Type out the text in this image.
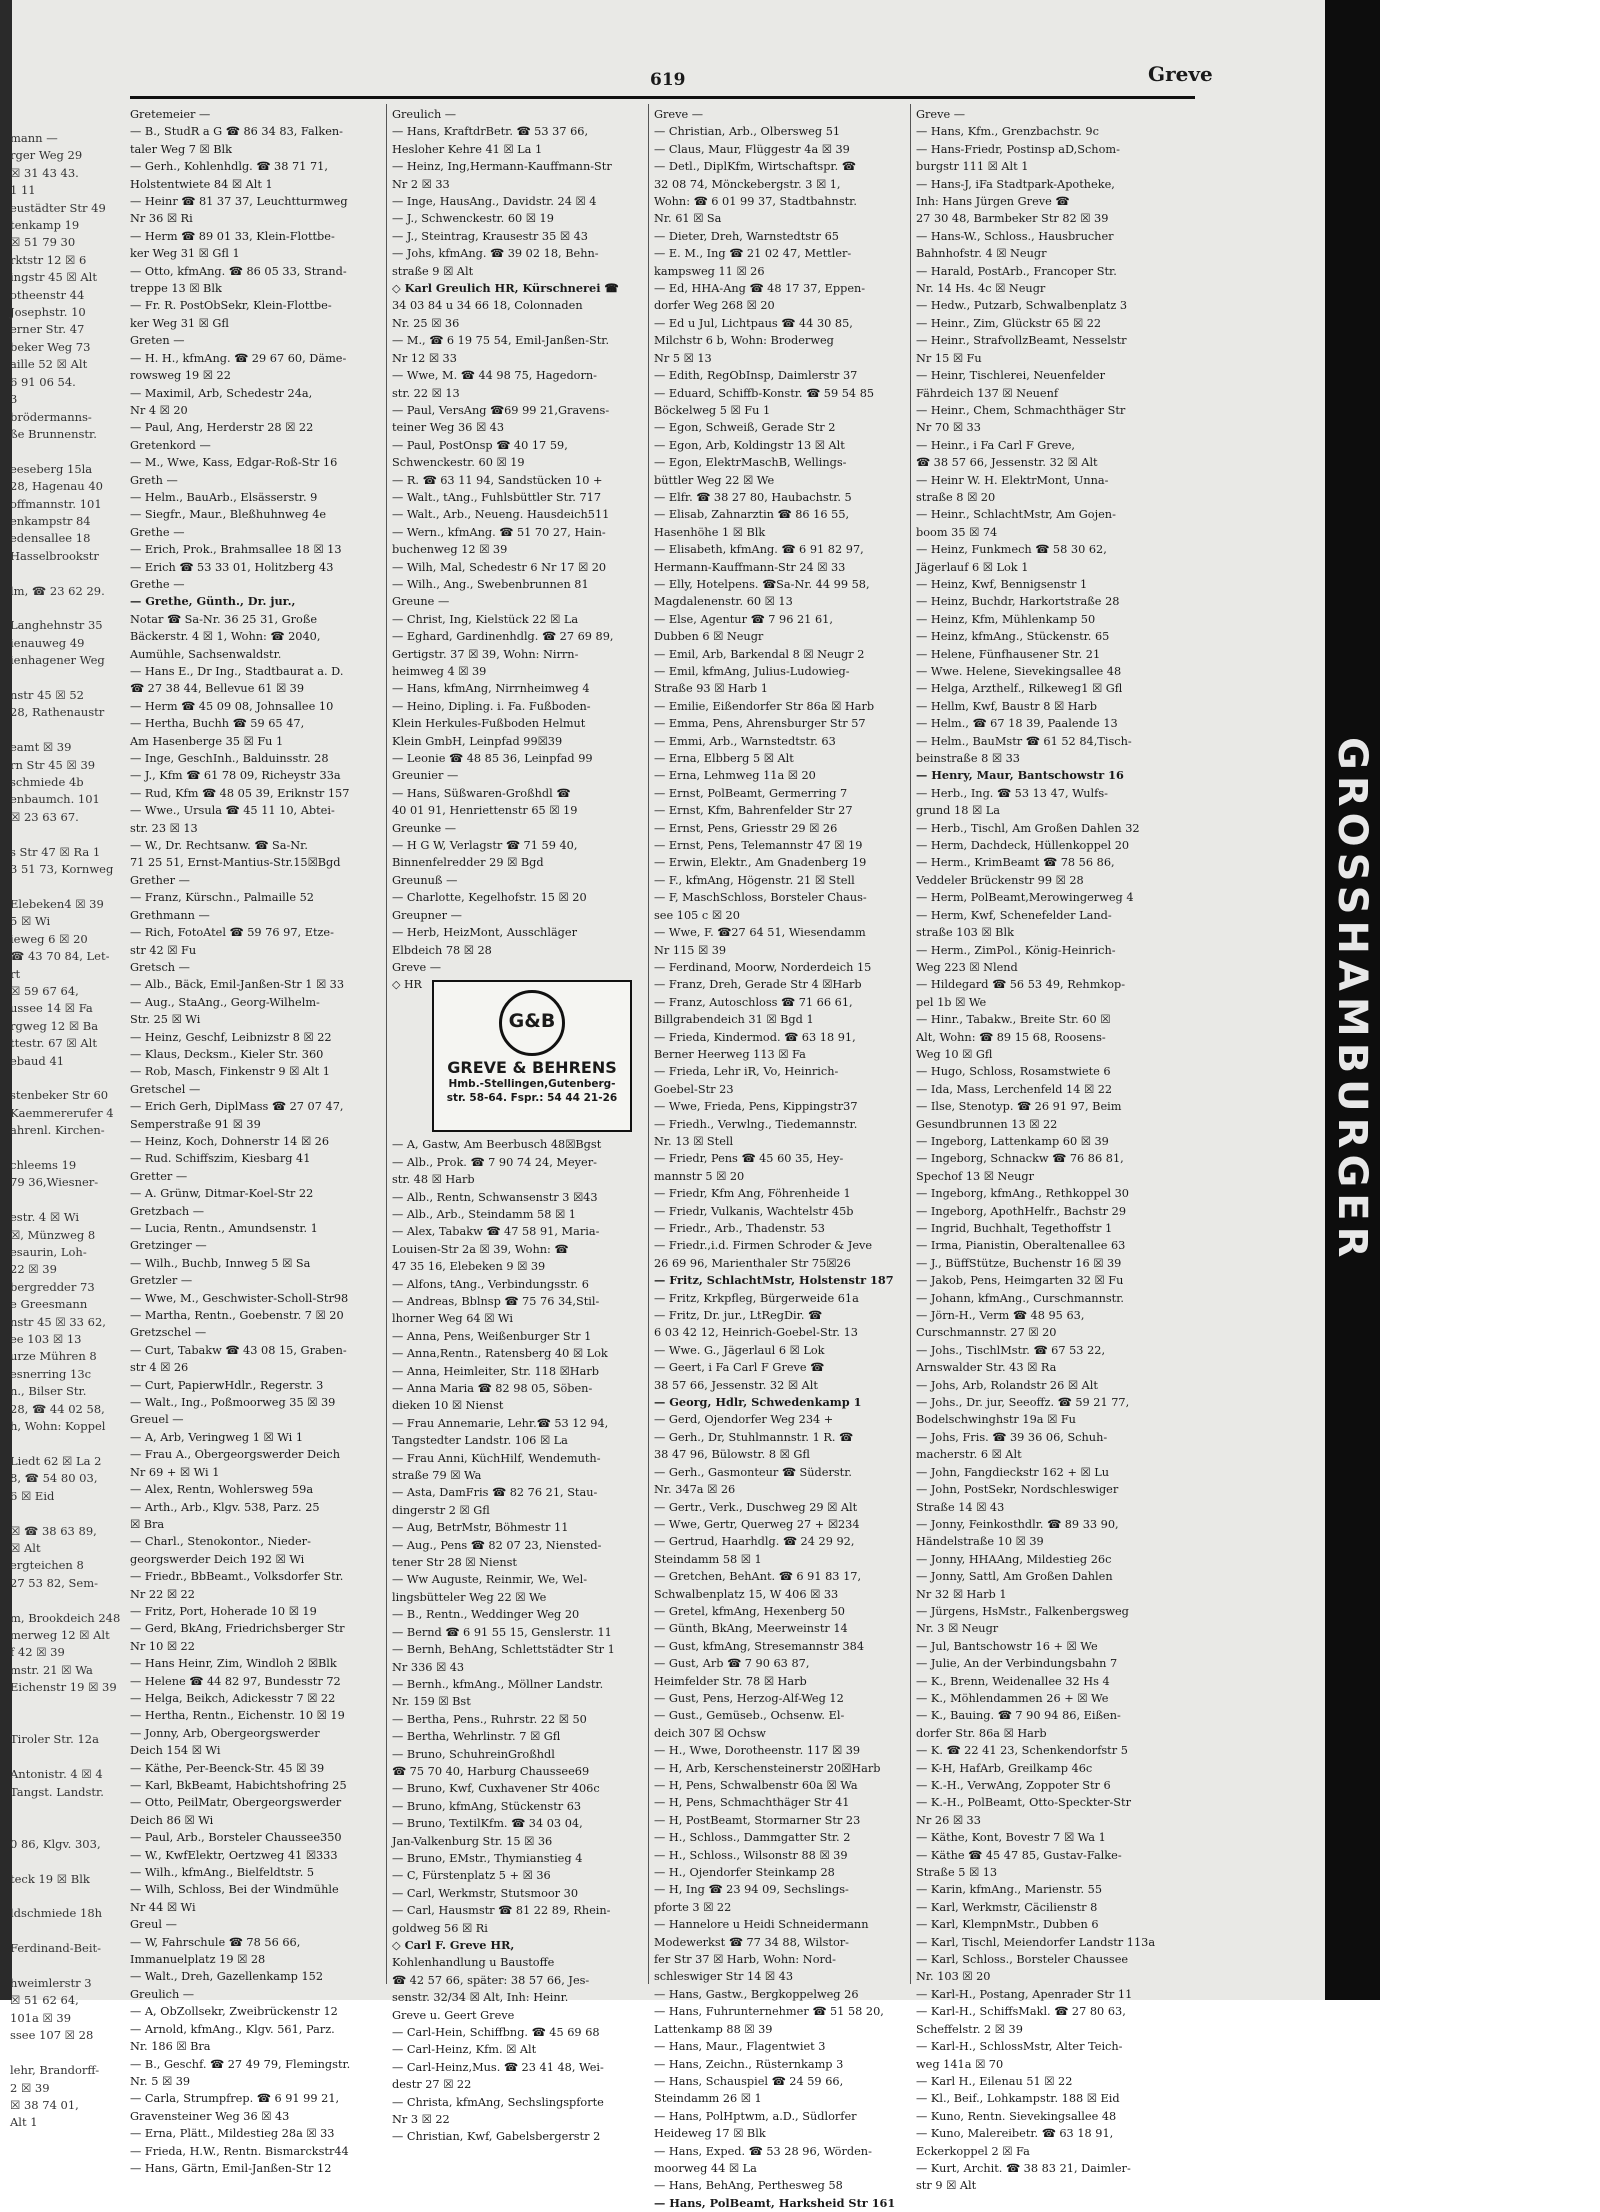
mann —
rger Weg 29
☒ 31 43 43.
1 11
eustädter Str 49
tenkamp 19
☒ 51 79 30
rktstr 12 ☒ 6
ingstr 45 ☒ Alt
otheenstr 44
Josephstr. 10
erner Str. 47
beker Weg 73
aille 52 ☒ Alt
6 91 06 54.
3
brödermanns-
ße Brunnenstr.

eeseberg 15la
28, Hagenau 40
offmannstr. 101
enkampstr 84
edensallee 18
Hasselbrookstr

lm, ☎ 23 62 29.

Langhehnstr 35
ienauweg 49
ienhagener Weg

nstr 45 ☒ 52
28, Rathenaustr

eamt ☒ 39
rn Str 45 ☒ 39
schmiede 4b
enbaumch. 101
☒ 23 63 67.

s Str 47 ☒ Ra 1
3 51 73, Kornweg

Elebeken4 ☒ 39
5 ☒ Wi
ieweg 6 ☒ 20
☎ 43 70 84, Let-
rt
☒ 59 67 64,
ussee 14 ☒ Fa
rgweg 12 ☒ Ba
ttestr. 67 ☒ Alt
ebaud 41

stenbeker Str 60
Kaemmererufer 4
ahrenl. Kirchen-

chleems 19
79 36,Wiesner-

estr. 4 ☒ Wi
☒, Münzweg 8
esaurin, Loh-
22 ☒ 39
bergredder 73
e Greesmann
nstr 45 ☒ 33 62,
ee 103 ☒ 13
urze Mühren 8
esnerring 13c
n., Bilser Str.
28, ☎ 44 02 58,
h, Wohn: Koppel

Liedt 62 ☒ La 2
8, ☎ 54 80 03,
6 ☒ Eid

☒ ☎ 38 63 89,
☒ Alt
ergteichen 8
27 53 82, Sem-

m, Brookdeich 248
merweg 12 ☒ Alt
f 42 ☒ 39
mstr. 21 ☒ Wa
Eichenstr 19 ☒ 39

Tiroler Str. 12a

Antonistr. 4 ☒ 4
Tangst. Landstr.

0 86, Klgv. 303,

teck 19 ☒ Blk

ldschmiede 18h

Ferdinand-Beit-

hweimlerstr 3
☒ 51 62 64,
101a ☒ 39
ssee 107 ☒ 28

lehr, Brandorff-
2 ☒ 39
☒ 38 74 01,
Alt 1
619	Greve
Gretemeier —
— B., StudR a G ☎ 86 34 83, Falken-
taler Weg 7 ☒ Blk
— Gerh., Kohlenhdlg. ☎ 38 71 71,
Holstentwiete 84 ☒ Alt 1
— Heinr ☎ 81 37 37, Leuchtturmweg
Nr 36 ☒ Ri
— Herm ☎ 89 01 33, Klein-Flottbe-
ker Weg 31 ☒ Gfl 1
— Otto, kfmAng. ☎ 86 05 33, Strand-
treppe 13 ☒ Blk
— Fr. R. PostObSekr, Klein-Flottbe-
ker Weg 31 ☒ Gfl
Greten —
— H. H., kfmAng. ☎ 29 67 60, Däme-
rowsweg 19 ☒ 22
— Maximil, Arb, Schedestr 24a,
Nr 4 ☒ 20
— Paul, Ang, Herderstr 28 ☒ 22
Gretenkord —
— M., Wwe, Kass, Edgar-Roß-Str 16
Greth —
— Helm., BauArb., Elsässerstr. 9
— Siegfr., Maur., Bleßhuhnweg 4e
Grethe —
— Erich, Prok., Brahmsallee 18 ☒ 13
— Erich ☎ 53 33 01, Holitzberg 43
Grethe —
— Grethe, Günth., Dr. jur.,
Notar ☎ Sa-Nr. 36 25 31, Große
Bäckerstr. 4 ☒ 1, Wohn: ☎ 2040,
Aumühle, Sachsenwaldstr.
— Hans E., Dr Ing., Stadtbaurat a. D.
☎ 27 38 44, Bellevue 61 ☒ 39
— Herm ☎ 45 09 08, Johnsallee 10
— Hertha, Buchh ☎ 59 65 47,
Am Hasenberge 35 ☒ Fu 1
— Inge, GeschInh., Balduinsstr. 28
— J., Kfm ☎ 61 78 09, Richeystr 33a
— Rud, Kfm ☎ 48 05 39, Eriknstr 157
— Wwe., Ursula ☎ 45 11 10, Abtei-
str. 23 ☒ 13
— W., Dr. Rechtsanw. ☎ Sa-Nr.
71 25 51, Ernst-Mantius-Str.15☒Bgd
Grether —
— Franz, Kürschn., Palmaille 52
Grethmann —
— Rich, FotoAtel ☎ 59 76 97, Etze-
str 42 ☒ Fu
Gretsch —
— Alb., Bäck, Emil-Janßen-Str 1 ☒ 33
— Aug., StaAng., Georg-Wilhelm-
Str. 25 ☒ Wi
— Heinz, Geschf, Leibnizstr 8 ☒ 22
— Klaus, Decksm., Kieler Str. 360
— Rob, Masch, Finkenstr 9 ☒ Alt 1
Gretschel —
— Erich Gerh, DiplMass ☎ 27 07 47,
Semperstraße 91 ☒ 39
— Heinz, Koch, Dohnerstr 14 ☒ 26
— Rud. Schiffszim, Kiesbarg 41
Gretter —
— A. Grünw, Ditmar-Koel-Str 22
Gretzbach —
— Lucia, Rentn., Amundsenstr. 1
Gretzinger —
— Wilh., Buchb, Innweg 5 ☒ Sa
Gretzler —
— Wwe, M., Geschwister-Scholl-Str98
— Martha, Rentn., Goebenstr. 7 ☒ 20
Gretzschel —
— Curt, Tabakw ☎ 43 08 15, Graben-
str 4 ☒ 26
— Curt, PapierwHdlr., Regerstr. 3
— Walt., Ing., Poßmoorweg 35 ☒ 39
Greuel —
— A, Arb, Veringweg 1 ☒ Wi 1
— Frau A., Obergeorgswerder Deich
Nr 69 + ☒ Wi 1
— Alex, Rentn, Wohlersweg 59a
— Arth., Arb., Klgv. 538, Parz. 25
☒ Bra
— Charl., Stenokontor., Nieder-
georgswerder Deich 192 ☒ Wi
— Friedr., BbBeamt., Volksdorfer Str.
Nr 22 ☒ 22
— Fritz, Port, Hoherade 10 ☒ 19
— Gerd, BkAng, Friedrichsberger Str
Nr 10 ☒ 22
— Hans Heinr, Zim, Windloh 2 ☒Blk
— Helene ☎ 44 82 97, Bundesstr 72
— Helga, Beikch, Adickesstr 7 ☒ 22
— Hertha, Rentn., Eichenstr. 10 ☒ 19
— Jonny, Arb, Obergeorgswerder
Deich 154 ☒ Wi
— Käthe, Per-Beenck-Str. 45 ☒ 39
— Karl, BkBeamt, Habichtshofring 25
— Otto, PeilMatr, Obergeorgswerder
Deich 86 ☒ Wi
— Paul, Arb., Borsteler Chaussee350
— W., KwfElektr, Oertzweg 41 ☒333
— Wilh., kfmAng., Bielfeldtstr. 5
— Wilh, Schloss, Bei der Windmühle
Nr 44 ☒ Wi
Greul —
— W, Fahrschule ☎ 78 56 66,
Immanuelplatz 19 ☒ 28
— Walt., Dreh, Gazellenkamp 152
Greulich —
— A, ObZollsekr, Zweibrückenstr 12
— Arnold, kfmAng., Klgv. 561, Parz.
Nr. 186 ☒ Bra
— B., Geschf. ☎ 27 49 79, Flemingstr.
Nr. 5 ☒ 39
— Carla, Strumpfrep. ☎ 6 91 99 21,
Gravensteiner Weg 36 ☒ 43
— Erna, Plätt., Mildestieg 28a ☒ 33
— Frieda, H.W., Rentn. Bismarckstr44
— Hans, Gärtn, Emil-Janßen-Str 12
Greulich —
— Hans, KraftdrBetr. ☎ 53 37 66,
Hesloher Kehre 41 ☒ La 1
— Heinz, Ing,Hermann-Kauffmann-Str
Nr 2 ☒ 33
— Inge, HausAng., Davidstr. 24 ☒ 4
— J., Schwenckestr. 60 ☒ 19
— J., Steintrag, Krausestr 35 ☒ 43
— Johs, kfmAng. ☎ 39 02 18, Behn-
straße 9 ☒ Alt
◇ Karl Greulich HR, Kürschnerei ☎
34 03 84 u 34 66 18, Colonnaden
Nr. 25 ☒ 36
— M., ☎ 6 19 75 54, Emil-Janßen-Str.
Nr 12 ☒ 33
— Wwe, M. ☎ 44 98 75, Hagedorn-
str. 22 ☒ 13
— Paul, VersAng ☎69 99 21,Gravens-
teiner Weg 36 ☒ 43
— Paul, PostOnsp ☎ 40 17 59,
Schwenckestr. 60 ☒ 19
— R. ☎ 63 11 94, Sandstücken 10 +
— Walt., tAng., Fuhlsbüttler Str. 717
— Walt., Arb., Neueng. Hausdeich511
— Wern., kfmAng. ☎ 51 70 27, Hain-
buchenweg 12 ☒ 39
— Wilh, Mal, Schedestr 6 Nr 17 ☒ 20
— Wilh., Ang., Swebenbrunnen 81
Greune —
— Christ, Ing, Kielstück 22 ☒ La
— Eghard, Gardinenhdlg. ☎ 27 69 89,
Gertigstr. 37 ☒ 39, Wohn: Nirrn-
heimweg 4 ☒ 39
— Hans, kfmAng, Nirrnheimweg 4
— Heino, Dipling. i. Fa. Fußboden-
Klein Herkules-Fußboden Helmut
Klein GmbH, Leinpfad 99☒39
— Leonie ☎ 48 85 36, Leinpfad 99
Greunier —
— Hans, Süßwaren-Großhdl ☎
40 01 91, Henriettenstr 65 ☒ 19
Greunke —
— H G W, Verlagstr ☎ 71 59 40,
Binnenfelredder 29 ☒ Bgd
Greunuß —
— Charlotte, Kegelhofstr. 15 ☒ 20
Greupner —
— Herb, HeizMont, Ausschläger
Elbdeich 78 ☒ 28
Greve —
◇ HR
G&B
GREVE & BEHRENS
Hmb.-Stellingen,Gutenberg-
str. 58-64. Fspr.: 54 44 21-26
— A, Gastw, Am Beerbusch 48☒Bgst
— Alb., Prok. ☎ 7 90 74 24, Meyer-
str. 48 ☒ Harb
— Alb., Rentn, Schwansenstr 3 ☒43
— Alb., Arb., Steindamm 58 ☒ 1
— Alex, Tabakw ☎ 47 58 91, Maria-
Louisen-Str 2a ☒ 39, Wohn: ☎
47 35 16, Elebeken 9 ☒ 39
— Alfons, tAng., Verbindungsstr. 6
— Andreas, Bblnsp ☎ 75 76 34,Stil-
lhorner Weg 64 ☒ Wi
— Anna, Pens, Weißenburger Str 1
— Anna,Rentn., Ratensberg 40 ☒ Lok
— Anna, Heimleiter, Str. 118 ☒Harb
— Anna Maria ☎ 82 98 05, Söben-
dieken 10 ☒ Nienst
— Frau Annemarie, Lehr.☎ 53 12 94,
Tangstedter Landstr. 106 ☒ La
— Frau Anni, KüchHilf, Wendemuth-
straße 79 ☒ Wa
— Asta, DamFris ☎ 82 76 21, Stau-
dingerstr 2 ☒ Gfl
— Aug, BetrMstr, Böhmestr 11
— Aug., Pens ☎ 82 07 23, Niensted-
tener Str 28 ☒ Nienst
— Ww Auguste, Reinmir, We, Wel-
lingsbütteler Weg 22 ☒ We
— B., Rentn., Weddinger Weg 20
— Bernd ☎ 6 91 55 15, Genslerstr. 11
— Bernh, BehAng, Schlettstädter Str 1
Nr 336 ☒ 43
— Bernh., kfmAng., Möllner Landstr.
Nr. 159 ☒ Bst
— Bertha, Pens., Ruhrstr. 22 ☒ 50
— Bertha, Wehrlinstr. 7 ☒ Gfl
— Bruno, SchuhreinGroßhdl
☎ 75 70 40, Harburg Chaussee69
— Bruno, Kwf, Cuxhavener Str 406c
— Bruno, kfmAng, Stückenstr 63
— Bruno, TextilKfm. ☎ 34 03 04,
Jan-Valkenburg Str. 15 ☒ 36
— Bruno, EMstr., Thymianstieg 4
— C, Fürstenplatz 5 + ☒ 36
— Carl, Werkmstr, Stutsmoor 30
— Carl, Hausmstr ☎ 81 22 89, Rhein-
goldweg 56 ☒ Ri
◇ Carl F. Greve HR,
Kohlenhandlung u Baustoffe
☎ 42 57 66, später: 38 57 66, Jes-
senstr. 32/34 ☒ Alt, Inh: Heinr.
Greve u. Geert Greve
— Carl-Hein, Schiffbng. ☎ 45 69 68
— Carl-Heinz, Kfm. ☒ Alt
— Carl-Heinz,Mus. ☎ 23 41 48, Wei-
destr 27 ☒ 22
— Christa, kfmAng, Sechslingspforte
Nr 3 ☒ 22
— Christian, Kwf, Gabelsbergerstr 2
Greve —
— Christian, Arb., Olbersweg 51
— Claus, Maur, Flüggestr 4a ☒ 39
— Detl., DiplKfm, Wirtschaftspr. ☎
32 08 74, Mönckebergstr. 3 ☒ 1,
Wohn: ☎ 6 01 99 37, Stadtbahnstr.
Nr. 61 ☒ Sa
— Dieter, Dreh, Warnstedtstr 65
— E. M., Ing ☎ 21 02 47, Mettler-
kampsweg 11 ☒ 26
— Ed, HHA-Ang ☎ 48 17 37, Eppen-
dorfer Weg 268 ☒ 20
— Ed u Jul, Lichtpaus ☎ 44 30 85,
Milchstr 6 b, Wohn: Broderweg
Nr 5 ☒ 13
— Edith, RegObInsp, Daimlerstr 37
— Eduard, Schiffb-Konstr. ☎ 59 54 85
Böckelweg 5 ☒ Fu 1
— Egon, Schweiß, Gerade Str 2
— Egon, Arb, Koldingstr 13 ☒ Alt
— Egon, ElektrMaschB, Wellings-
büttler Weg 22 ☒ We
— Elfr. ☎ 38 27 80, Haubachstr. 5
— Elisab, Zahnarztin ☎ 86 16 55,
Hasenhöhe 1 ☒ Blk
— Elisabeth, kfmAng. ☎ 6 91 82 97,
Hermann-Kauffmann-Str 24 ☒ 33
— Elly, Hotelpens. ☎Sa-Nr. 44 99 58,
Magdalenenstr. 60 ☒ 13
— Else, Agentur ☎ 7 96 21 61,
Dubben 6 ☒ Neugr
— Emil, Arb, Barkendal 8 ☒ Neugr 2
— Emil, kfmAng, Julius-Ludowieg-
Straße 93 ☒ Harb 1
— Emilie, Eißendorfer Str 86a ☒ Harb
— Emma, Pens, Ahrensburger Str 57
— Emmi, Arb., Warnstedtstr. 63
— Erna, Elbberg 5 ☒ Alt
— Erna, Lehmweg 11a ☒ 20
— Ernst, PolBeamt, Germerring 7
— Ernst, Kfm, Bahrenfelder Str 27
— Ernst, Pens, Griesstr 29 ☒ 26
— Ernst, Pens, Telemannstr 47 ☒ 19
— Erwin, Elektr., Am Gnadenberg 19
— F., kfmAng, Högenstr. 21 ☒ Stell
— F, MaschSchloss, Borsteler Chaus-
see 105 c ☒ 20
— Wwe, F. ☎27 64 51, Wiesendamm
Nr 115 ☒ 39
— Ferdinand, Moorw, Norderdeich 15
— Franz, Dreh, Gerade Str 4 ☒Harb
— Franz, Autoschloss ☎ 71 66 61,
Billgrabendeich 31 ☒ Bgd 1
— Frieda, Kindermod. ☎ 63 18 91,
Berner Heerweg 113 ☒ Fa
— Frieda, Lehr iR, Vo, Heinrich-
Goebel-Str 23
— Wwe, Frieda, Pens, Kippingstr37
— Friedh., Verwlng., Tiedemannstr.
Nr. 13 ☒ Stell
— Friedr, Pens ☎ 45 60 35, Hey-
mannstr 5 ☒ 20
— Friedr, Kfm Ang, Föhrenheide 1
— Friedr, Vulkanis, Wachtelstr 45b
— Friedr., Arb., Thadenstr. 53
— Friedr.,i.d. Firmen Schroder & Jeve
26 69 96, Marienthaler Str 75☒26
— Fritz, SchlachtMstr, Holstenstr 187
— Fritz, Krkpfleg, Bürgerweide 61a
— Fritz, Dr. jur., LtRegDir. ☎
6 03 42 12, Heinrich-Goebel-Str. 13
— Wwe. G., Jägerlaul 6 ☒ Lok
— Geert, i Fa Carl F Greve ☎
38 57 66, Jessenstr. 32 ☒ Alt
— Georg, Hdlr, Schwedenkamp 1
— Gerd, Ojendorfer Weg 234 +
— Gerh., Dr, Stuhlmannstr. 1 R. ☎
38 47 96, Bülowstr. 8 ☒ Gfl
— Gerh., Gasmonteur ☎ Süderstr.
Nr. 347a ☒ 26
— Gertr., Verk., Duschweg 29 ☒ Alt
— Wwe, Gertr, Querweg 27 + ☒234
— Gertrud, Haarhdlg. ☎ 24 29 92,
Steindamm 58 ☒ 1
— Gretchen, BehAnt. ☎ 6 91 83 17,
Schwalbenplatz 15, W 406 ☒ 33
— Gretel, kfmAng, Hexenberg 50
— Günth, BkAng, Meerweinstr 14
— Gust, kfmAng, Stresemannstr 384
— Gust, Arb ☎ 7 90 63 87,
Heimfelder Str. 78 ☒ Harb
— Gust, Pens, Herzog-Alf-Weg 12
— Gust., Gemüseb., Ochsenw. El-
deich 307 ☒ Ochsw
— H., Wwe, Dorotheenstr. 117 ☒ 39
— H, Arb, Kerschensteinerstr 20☒Harb
— H, Pens, Schwalbenstr 60a ☒ Wa
— H, Pens, Schmachthäger Str 41
— H, PostBeamt, Stormarner Str 23
— H., Schloss., Dammgatter Str. 2
— H., Schloss., Wilsonstr 88 ☒ 39
— H., Ojendorfer Steinkamp 28
— H, Ing ☎ 23 94 09, Sechslings-
pforte 3 ☒ 22
— Hannelore u Heidi Schneidermann
Modewerkst ☎ 77 34 88, Wilstor-
fer Str 37 ☒ Harb, Wohn: Nord-
schleswiger Str 14 ☒ 43
— Hans, Gastw., Bergkoppelweg 26
— Hans, Fuhrunternehmer ☎ 51 58 20,
Lattenkamp 88 ☒ 39
— Hans, Maur., Flagentwiet 3
— Hans, Zeichn., Rüsternkamp 3
— Hans, Schauspiel ☎ 24 59 66,
Steindamm 26 ☒ 1
— Hans, PolHptwm, a.D., Südlorfer
Heideweg 17 ☒ Blk
— Hans, Exped. ☎ 53 28 96, Wörden-
moorweg 44 ☒ La
— Hans, BehAng, Perthesweg 58
— Hans, PolBeamt, Harksheid Str 161
Greve —
— Hans, Kfm., Grenzbachstr. 9c
— Hans-Friedr, Postinsp aD,Schom-
burgstr 111 ☒ Alt 1
— Hans-J, iFa Stadtpark-Apotheke,
Inh: Hans Jürgen Greve ☎
27 30 48, Barmbeker Str 82 ☒ 39
— Hans-W., Schloss., Hausbrucher
Bahnhofstr. 4 ☒ Neugr
— Harald, PostArb., Francoper Str.
Nr. 14 Hs. 4c ☒ Neugr
— Hedw., Putzarb, Schwalbenplatz 3
— Heinr., Zim, Glückstr 65 ☒ 22
— Heinr., StrafvollzBeamt, Nesselstr
Nr 15 ☒ Fu
— Heinr, Tischlerei, Neuenfelder
Fährdeich 137 ☒ Neuenf
— Heinr., Chem, Schmachthäger Str
Nr 70 ☒ 33
— Heinr., i Fa Carl F Greve,
☎ 38 57 66, Jessenstr. 32 ☒ Alt
— Heinr W. H. ElektrMont, Unna-
straße 8 ☒ 20
— Heinr., SchlachtMstr, Am Gojen-
boom 35 ☒ 74
— Heinz, Funkmech ☎ 58 30 62,
Jägerlauf 6 ☒ Lok 1
— Heinz, Kwf, Bennigsenstr 1
— Heinz, Buchdr, Harkortstraße 28
— Heinz, Kfm, Mühlenkamp 50
— Heinz, kfmAng., Stückenstr. 65
— Helene, Fünfhausener Str. 21
— Wwe. Helene, Sievekingsallee 48
— Helga, Arzthelf., Rilkeweg1 ☒ Gfl
— Hellm, Kwf, Baustr 8 ☒ Harb
— Helm., ☎ 67 18 39, Paalende 13
— Helm., BauMstr ☎ 61 52 84,Tisch-
beinstraße 8 ☒ 33
— Henry, Maur, Bantschowstr 16
— Herb., Ing. ☎ 53 13 47, Wulfs-
grund 18 ☒ La
— Herb., Tischl, Am Großen Dahlen 32
— Herm, Dachdeck, Hüllenkoppel 20
— Herm., KrimBeamt ☎ 78 56 86,
Veddeler Brückenstr 99 ☒ 28
— Herm, PolBeamt,Merowingerweg 4
— Herm, Kwf, Schenefelder Land-
straße 103 ☒ Blk
— Herm., ZimPol., König-Heinrich-
Weg 223 ☒ Nlend
— Hildegard ☎ 56 53 49, Rehmkop-
pel 1b ☒ We
— Hinr., Tabakw., Breite Str. 60 ☒
Alt, Wohn: ☎ 89 15 68, Roosens-
Weg 10 ☒ Gfl
— Hugo, Schloss, Rosamstwiete 6
— Ida, Mass, Lerchenfeld 14 ☒ 22
— Ilse, Stenotyp. ☎ 26 91 97, Beim
Gesundbrunnen 13 ☒ 22
— Ingeborg, Lattenkamp 60 ☒ 39
— Ingeborg, Schnackw ☎ 76 86 81,
Spechof 13 ☒ Neugr
— Ingeborg, kfmAng., Rethkoppel 30
— Ingeborg, ApothHelfr., Bachstr 29
— Ingrid, Buchhalt, Tegethoffstr 1
— Irma, Pianistin, Oberaltenallee 63
— J., BüffStütze, Buchenstr 16 ☒ 39
— Jakob, Pens, Heimgarten 32 ☒ Fu
— Johann, kfmAng., Curschmannstr.
— Jörn-H., Verm ☎ 48 95 63,
Curschmannstr. 27 ☒ 20
— Johs., TischlMstr. ☎ 67 53 22,
Arnswalder Str. 43 ☒ Ra
— Johs, Arb, Rolandstr 26 ☒ Alt
— Johs., Dr. jur, Seeoffz. ☎ 59 21 77,
Bodelschwinghstr 19a ☒ Fu
— Johs, Fris. ☎ 39 36 06, Schuh-
macherstr. 6 ☒ Alt
— John, Fangdieckstr 162 + ☒ Lu
— John, PostSekr, Nordschleswiger
Straße 14 ☒ 43
— Jonny, Feinkosthdlr. ☎ 89 33 90,
Händelstraße 10 ☒ 39
— Jonny, HHAAng, Mildestieg 26c
— Jonny, Sattl, Am Großen Dahlen
Nr 32 ☒ Harb 1
— Jürgens, HsMstr., Falkenbergsweg
Nr. 3 ☒ Neugr
— Jul, Bantschowstr 16 + ☒ We
— Julie, An der Verbindungsbahn 7
— K., Brenn, Weidenallee 32 Hs 4
— K., Möhlendammen 26 + ☒ We
— K., Bauing. ☎ 7 90 94 86, Eißen-
dorfer Str. 86a ☒ Harb
— K. ☎ 22 41 23, Schenkendorfstr 5
— K-H, HafArb, Greilkamp 46c
— K.-H., VerwAng, Zoppoter Str 6
— K.-H., PolBeamt, Otto-Speckter-Str
Nr 26 ☒ 33
— Käthe, Kont, Bovestr 7 ☒ Wa 1
— Käthe ☎ 45 47 85, Gustav-Falke-
Straße 5 ☒ 13
— Karin, kfmAng., Marienstr. 55
— Karl, Werkmstr, Cäcilienstr 8
— Karl, KlempnMstr., Dubben 6
— Karl, Tischl, Meiendorfer Landstr 113a
— Karl, Schloss., Borsteler Chaussee
Nr. 103 ☒ 20
— Karl-H., Postang, Apenrader Str 11
— Karl-H., SchiffsMakl. ☎ 27 80 63,
Scheffelstr. 2 ☒ 39
— Karl-H., SchlossMstr, Alter Teich-
weg 141a ☒ 70
— Karl H., Eilenau 51 ☒ 22
— Kl., Beif., Lohkampstr. 188 ☒ Eid
— Kuno, Rentn. Sievekingsallee 48
— Kuno, Malereibetr. ☎ 63 18 91,
Eckerkoppel 2 ☒ Fa
— Kurt, Archit. ☎ 38 83 21, Daimler-
str 9 ☒ Alt
GROSSHAMBURGER
